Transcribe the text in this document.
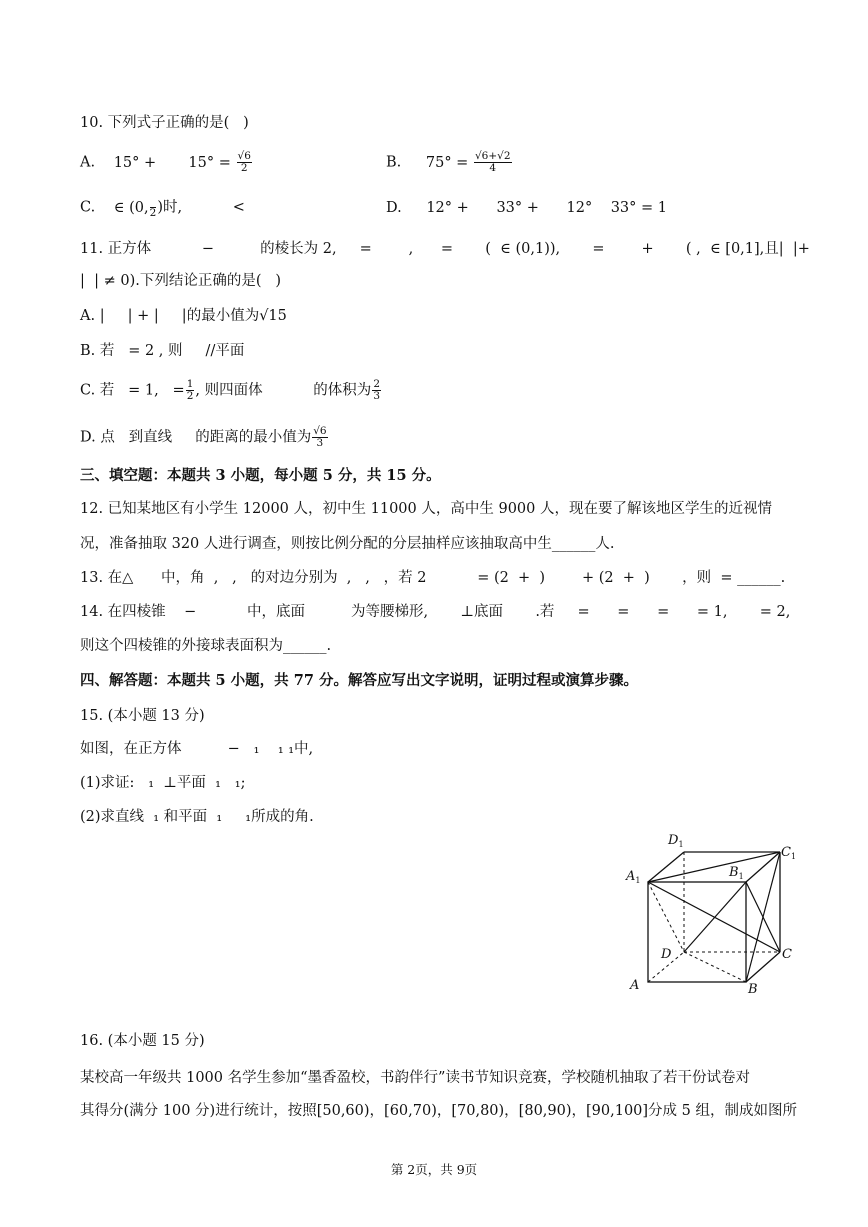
10. 下列式子正确的是(   )
A. 15° +       $15^\circ = \frac{√6}{2}$	B. $75^\circ = \frac{√6+√2}{4}$
C. ∈ (0,
2 )时,           <	D. 12° +      33° +      12°    33° = 1
11. 正方体           −          的棱长为 2,     =        ,      =       (  ∈ (0,1)),       =        +       ( ,  ∈ [0,1],且|  |+
|  | ≠ 0).下列结论正确的是(   )
A. |     | + |     |的最小值为√15
B. 若   = 2 , 则     //平面
C. 若   = 1,   = $\frac{1}{2}$ , 则四面体           的体积为 $\frac{2}{3}$
D. 点   到直线     的距离的最小值为 $\frac{√6}{3}$
三、填空题：本题共 3 小题，每小题 5 分，共 15 分。
12. 已知某地区有小学生 12000 人，初中生 11000 人，高中生 9000 人，现在要了解该地区学生的近视情
况，准备抽取 320 人进行调查，则按比例分配的分层抽样应该抽取高中生______人.
13. 在△      中，角  ,   ,   的对边分别为  ,   ,   ，若 2           = (2  +  )        + (2  +  )       ，则  = ______.
14. 在四棱锥    −           中，底面          为等腰梯形,       ⊥底面       .若     =      =      =      = 1,       = 2,
则这个四棱锥的外接球表面积为______.
四、解答题：本题共 5 小题，共 77 分。解答应写出文字说明，证明过程或演算步骤。
15. (本小题 13 分)
如图，在正方体          −   ₁    ₁ ₁中,
(1)求证:   ₁  ⊥平面  ₁   ₁;
(2)求直线  ₁ 和平面  ₁     ₁所成的角.
$D_1$
$C_1$
$A_1$
$B_1$
D	C
A	B
16. (本小题 15 分)
某校高一年级共 1000 名学生参加“墨香盈校，书韵伴行”读书节知识竞赛，学校随机抽取了若干份试卷对
其得分(满分 100 分)进行统计，按照[50,60)，[60,70)，[70,80)，[80,90)，[90,100]分成 5 组，制成如图所
第 2页，共 9页
